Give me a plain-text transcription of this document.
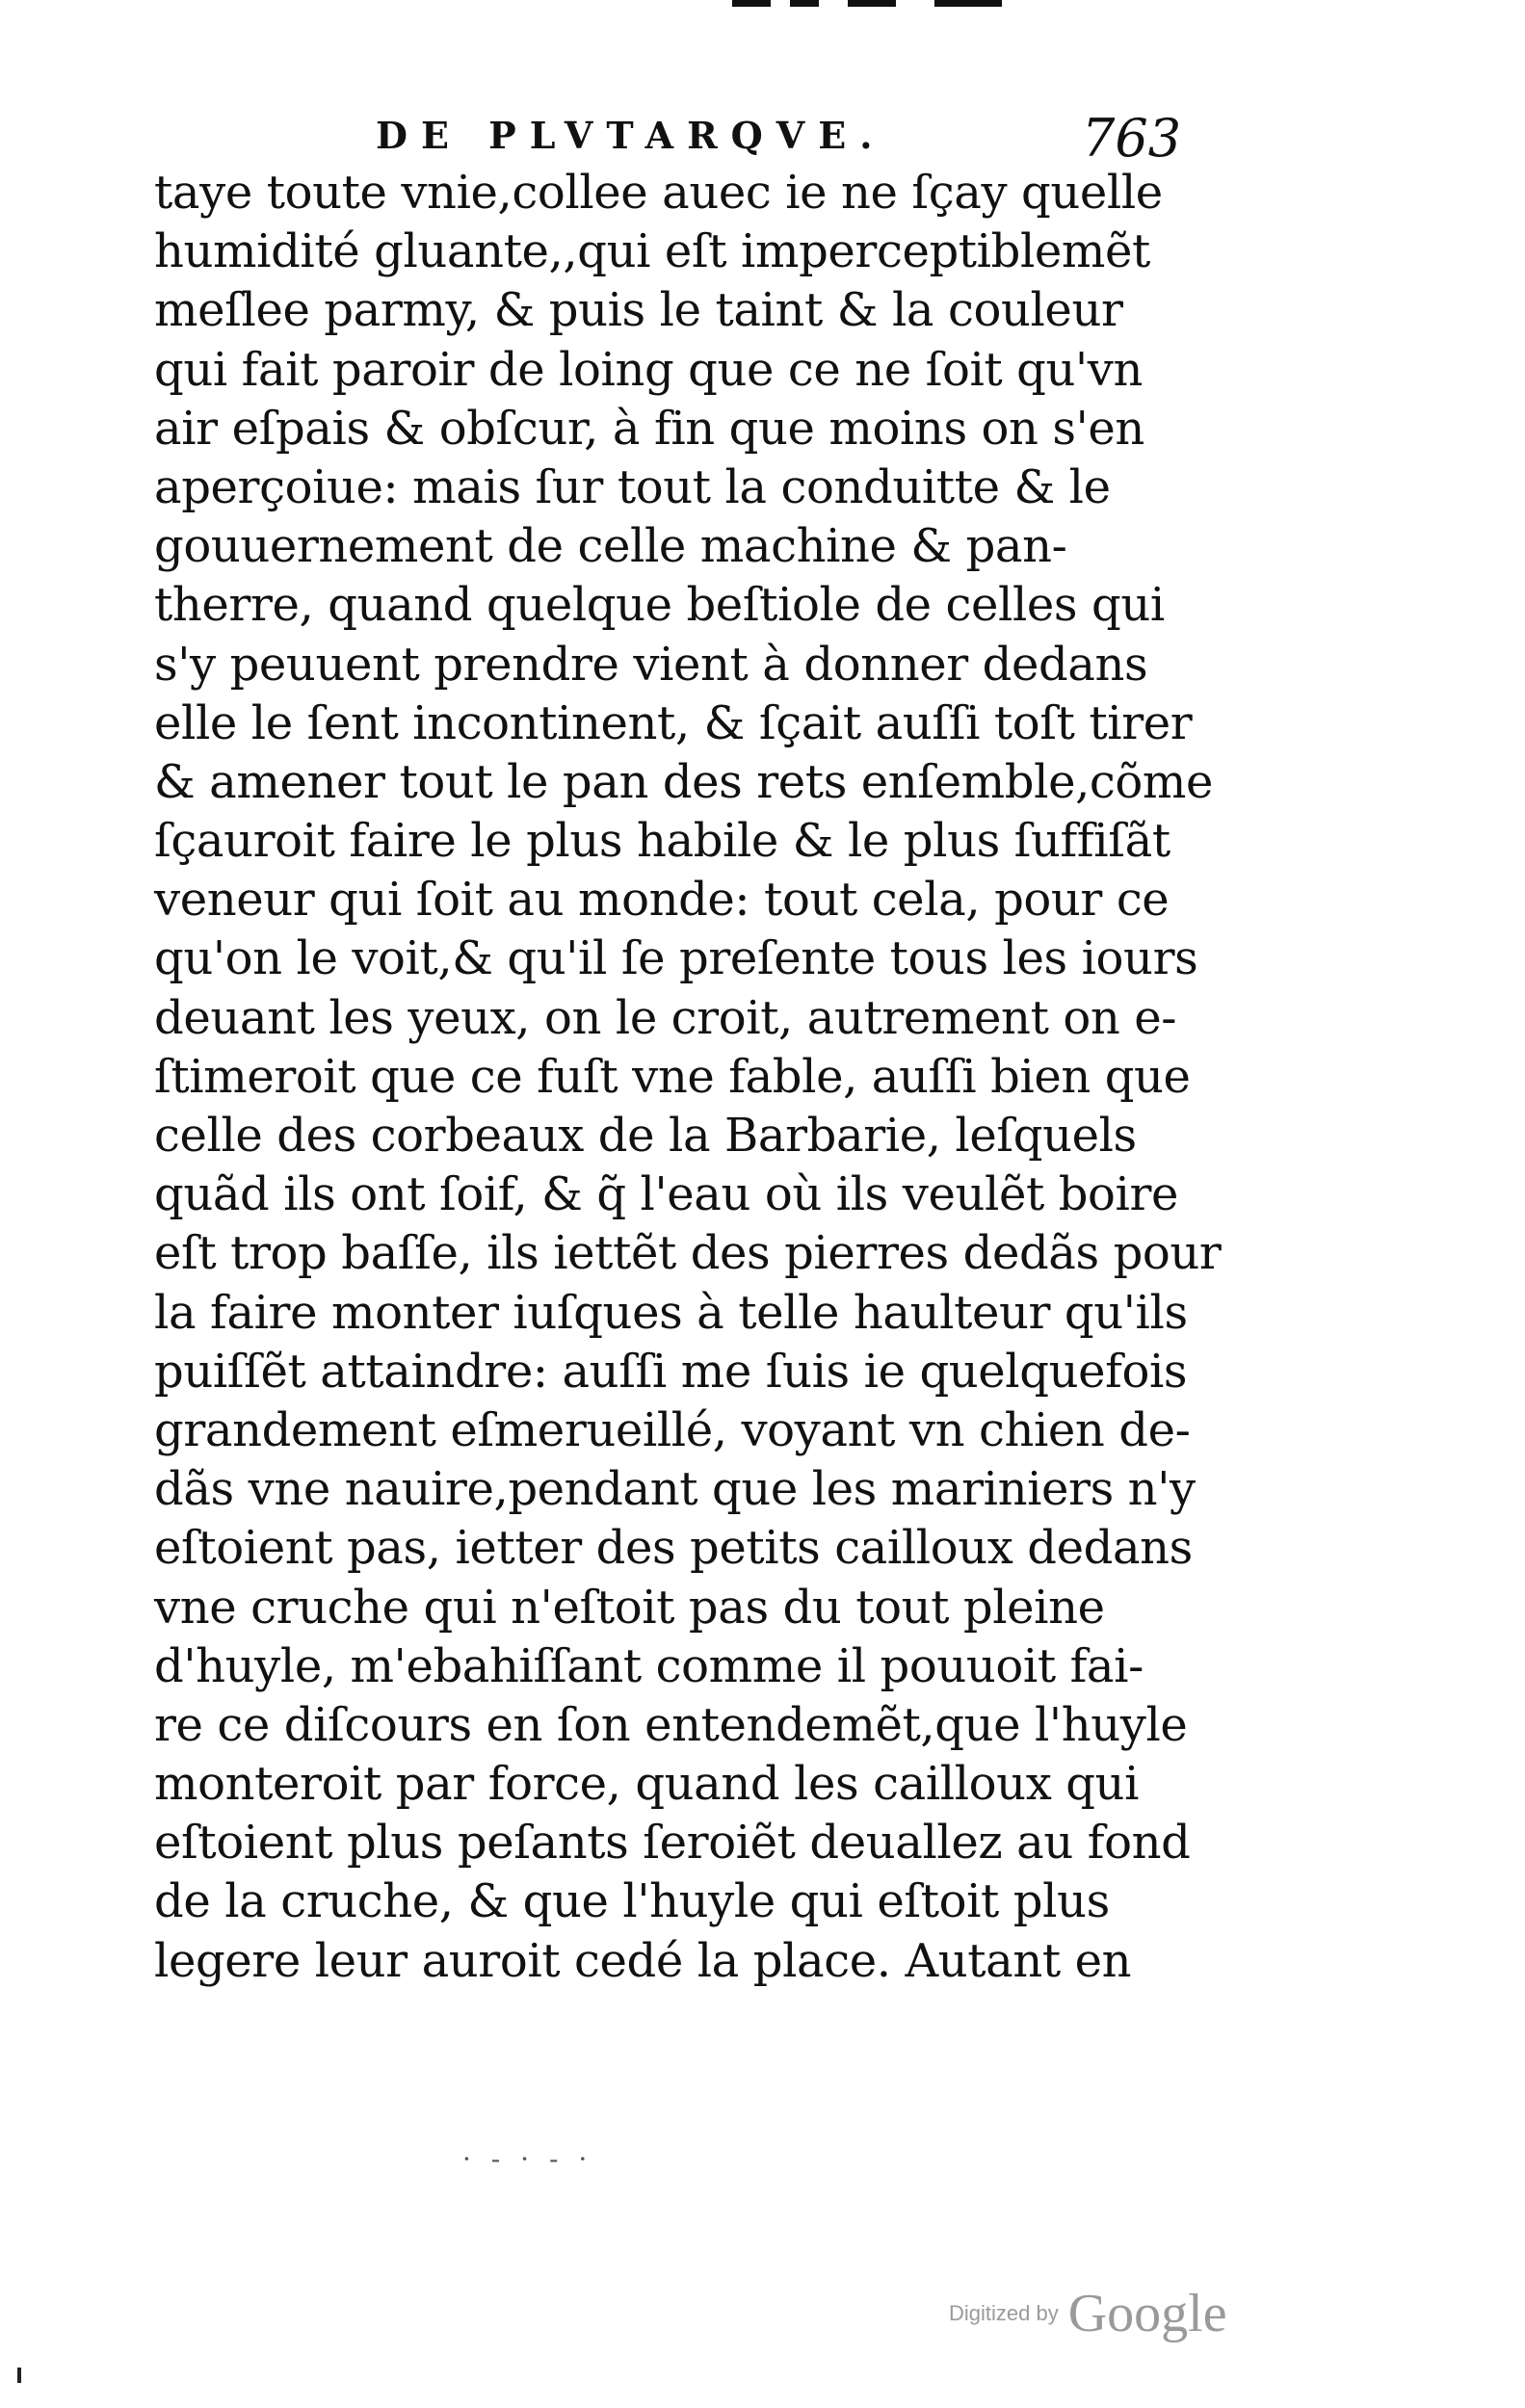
DE PLVTARQVE.	763
taye toute vnie,collee auec ie ne ſçay quelle
humidité gluante,,qui eſt imperceptiblemẽt
meſlee parmy, & puis le taint & la couleur
qui fait paroir de loing que ce ne ſoit qu'vn
air eſpais & obſcur, à fin que moins on s'en
aperçoiue: mais ſur tout la conduitte & le
gouuernement de celle machine & pan-
therre, quand quelque beſtiole de celles qui
s'y peuuent prendre vient à donner dedans
elle le ſent incontinent, & ſçait auſſi toſt tirer
& amener tout le pan des rets enſemble,cõme
ſçauroit faire le plus habile & le plus ſuffiſãt
veneur qui ſoit au monde: tout cela, pour ce
qu'on le voit,& qu'il ſe preſente tous les iours
deuant les yeux, on le croit, autrement on e-
ſtimeroit que ce fuſt vne fable, auſſi bien que
celle des corbeaux de la Barbarie, leſquels
quãd ils ont ſoif, & q̃ l'eau où ils veulẽt boire
eſt trop baſſe, ils iettẽt des pierres dedãs pour
la faire monter iuſques à telle haulteur qu'ils
puiſſẽt attaindre: auſſi me ſuis ie quelquefois
grandement eſmerueillé, voyant vn chien de-
dãs vne nauire,pendant que les mariniers n'y
eſtoient pas, ietter des petits cailloux dedans
vne cruche qui n'eſtoit pas du tout pleine
d'huyle, m'ebahiſſant comme il pouuoit fai-
re ce diſcours en ſon entendemẽt,que l'huyle
monteroit par force, quand les cailloux qui
eſtoient plus peſants ſeroiẽt deuallez au fond
de la cruche, & que l'huyle qui eſtoit plus
legere leur auroit cedé la place. Autant en
· - · - ·
Digitized by Google
